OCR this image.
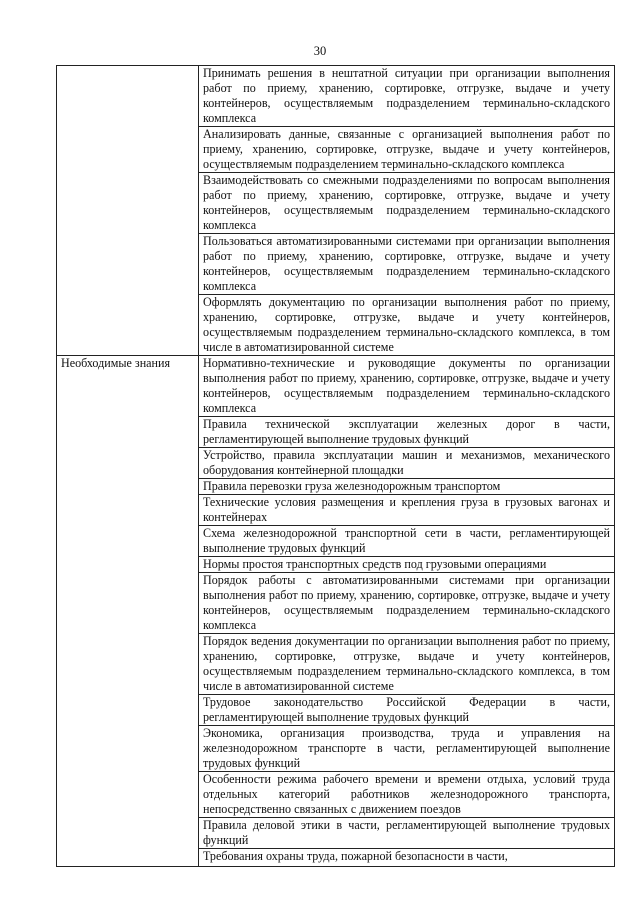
30
	Принимать решения в нештатной ситуации при организации выполнения работ по приему, хранению, сортировке, отгрузке, выдаче и учету контейнеров, осуществляемым подразделением терминально-складского комплекса
	Анализировать данные, связанные с организацией выполнения работ по приему, хранению, сортировке, отгрузке, выдаче и учету контейнеров, осуществляемым подразделением терминально-складского комплекса
	Взаимодействовать со смежными подразделениями по вопросам выполнения работ по приему, хранению, сортировке, отгрузке, выдаче и учету контейнеров, осуществляемым подразделением терминально-складского комплекса
	Пользоваться автоматизированными системами при организации выполнения работ по приему, хранению, сортировке, отгрузке, выдаче и учету контейнеров, осуществляемым подразделением терминально-складского комплекса
	Оформлять документацию по организации выполнения работ по приему, хранению, сортировке, отгрузке, выдаче и учету контейнеров, осуществляемым подразделением терминально-складского комплекса, в том числе в автоматизированной системе
Необходимые знания	Нормативно-технические и руководящие документы по организации выполнения работ по приему, хранению, сортировке, отгрузке, выдаче и учету контейнеров, осуществляемым подразделением терминально-складского комплекса
	Правила технической эксплуатации железных дорог в части, регламентирующей выполнение трудовых функций
	Устройство, правила эксплуатации машин и механизмов, механического оборудования контейнерной площадки
	Правила перевозки груза железнодорожным транспортом
	Технические условия размещения и крепления груза в грузовых вагонах и контейнерах
	Схема железнодорожной транспортной сети в части, регламентирующей выполнение трудовых функций
	Нормы простоя транспортных средств под грузовыми операциями
	Порядок работы с автоматизированными системами при организации выполнения работ по приему, хранению, сортировке, отгрузке, выдаче и учету контейнеров, осуществляемым подразделением терминально-складского комплекса
	Порядок ведения документации по организации выполнения работ по приему, хранению, сортировке, отгрузке, выдаче и учету контейнеров, осуществляемым подразделением терминально-складского комплекса, в том числе в автоматизированной системе
	Трудовое законодательство Российской Федерации в части, регламентирующей выполнение трудовых функций
	Экономика, организация производства, труда и управления на железнодорожном транспорте в части, регламентирующей выполнение трудовых функций
	Особенности режима рабочего времени и времени отдыха, условий труда отдельных категорий работников железнодорожного транспорта, непосредственно связанных с движением поездов
	Правила деловой этики в части, регламентирующей выполнение трудовых функций
	Требования охраны труда, пожарной безопасности в части,
